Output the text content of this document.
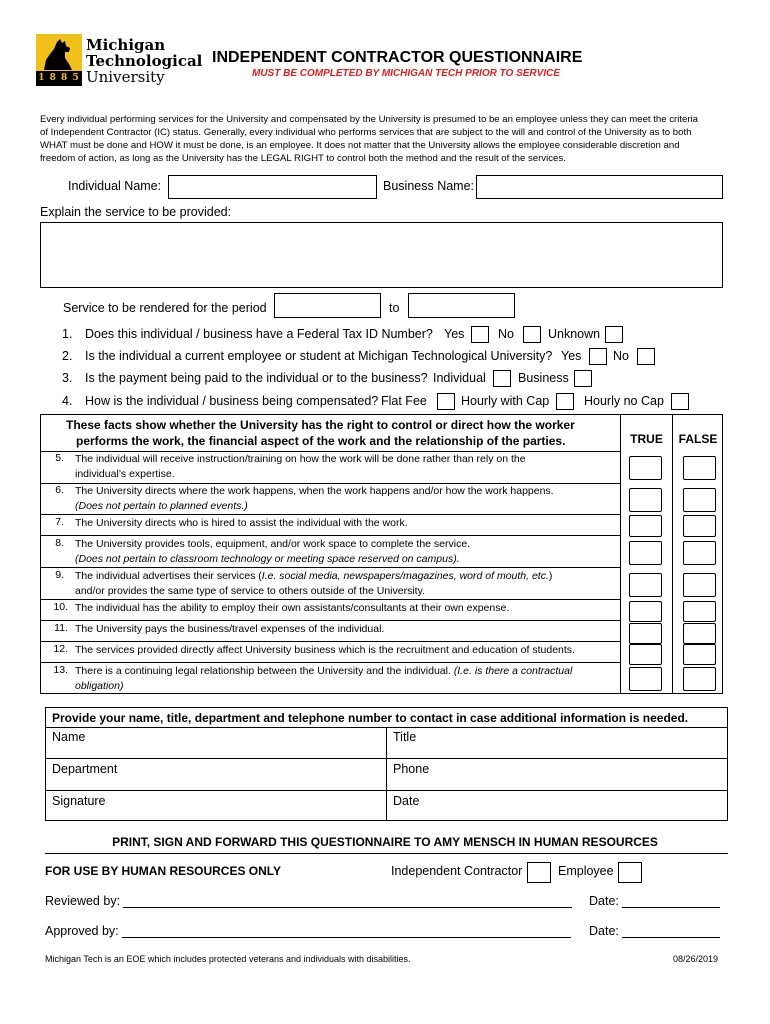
1 8 8 5
Michigan
Technological
University
INDEPENDENT CONTRACTOR QUESTIONNAIRE
MUST BE COMPLETED BY MICHIGAN TECH PRIOR TO SERVICE
Every individual performing services for the University and compensated by the University is presumed to be an employee unless they can meet the criteria
of Independent Contractor (IC) status. Generally, every individual who performs services that are subject to the will and control of the University as to both
WHAT must be done and HOW it must be done, is an employee. It does not matter that the University allows the employee considerable discretion and
freedom of action, as long as the University has the LEGAL RIGHT to control both the method and the result of the services.
Individual Name:	Business Name:
Explain the service to be provided:
Service to be rendered for the period	to
1. Does this individual / business have a Federal Tax ID Number? Yes	No	Unknown
2. Is the individual a current employee or student at Michigan Technological University? Yes	No
3. Is the payment being paid to the individual or to the business? Individual	Business
4. How is the individual / business being compensated? Flat Fee	Hourly with Cap	Hourly no Cap
These facts show whether the University has the right to control or direct how the worker
performs the work, the financial aspect of the work and the relationship of the parties.	TRUE	FALSE
5. The individual will receive instruction/training on how the work will be done rather than rely on the
individual’s expertise.
6. The University directs where the work happens, when the work happens and/or how the work happens.
(Does not pertain to planned events.)
7. The University directs who is hired to assist the individual with the work.
8. The University provides tools, equipment, and/or work space to complete the service.
(Does not pertain to classroom technology or meeting space reserved on campus).
9. The individual advertises their services (I.e. social media, newspapers/magazines, word of mouth, etc.)
and/or provides the same type of service to others outside of the University.
10. The individual has the ability to employ their own assistants/consultants at their own expense.
11. The University pays the business/travel expenses of the individual.
12. The services provided directly affect University business which is the recruitment and education of students.
13. There is a continuing legal relationship between the University and the individual. (I.e. is there a contractual
obligation)
Provide your name, title, department and telephone number to contact in case additional information is needed.
Name	Title
Department	Phone
Signature	Date
PRINT, SIGN AND FORWARD THIS QUESTIONNAIRE TO AMY MENSCH IN HUMAN RESOURCES
FOR USE BY HUMAN RESOURCES ONLY	Independent Contractor	Employee
Reviewed by:	Date:
Approved by:	Date:
Michigan Tech is an EOE which includes protected veterans and individuals with disabilities.	08/26/2019
